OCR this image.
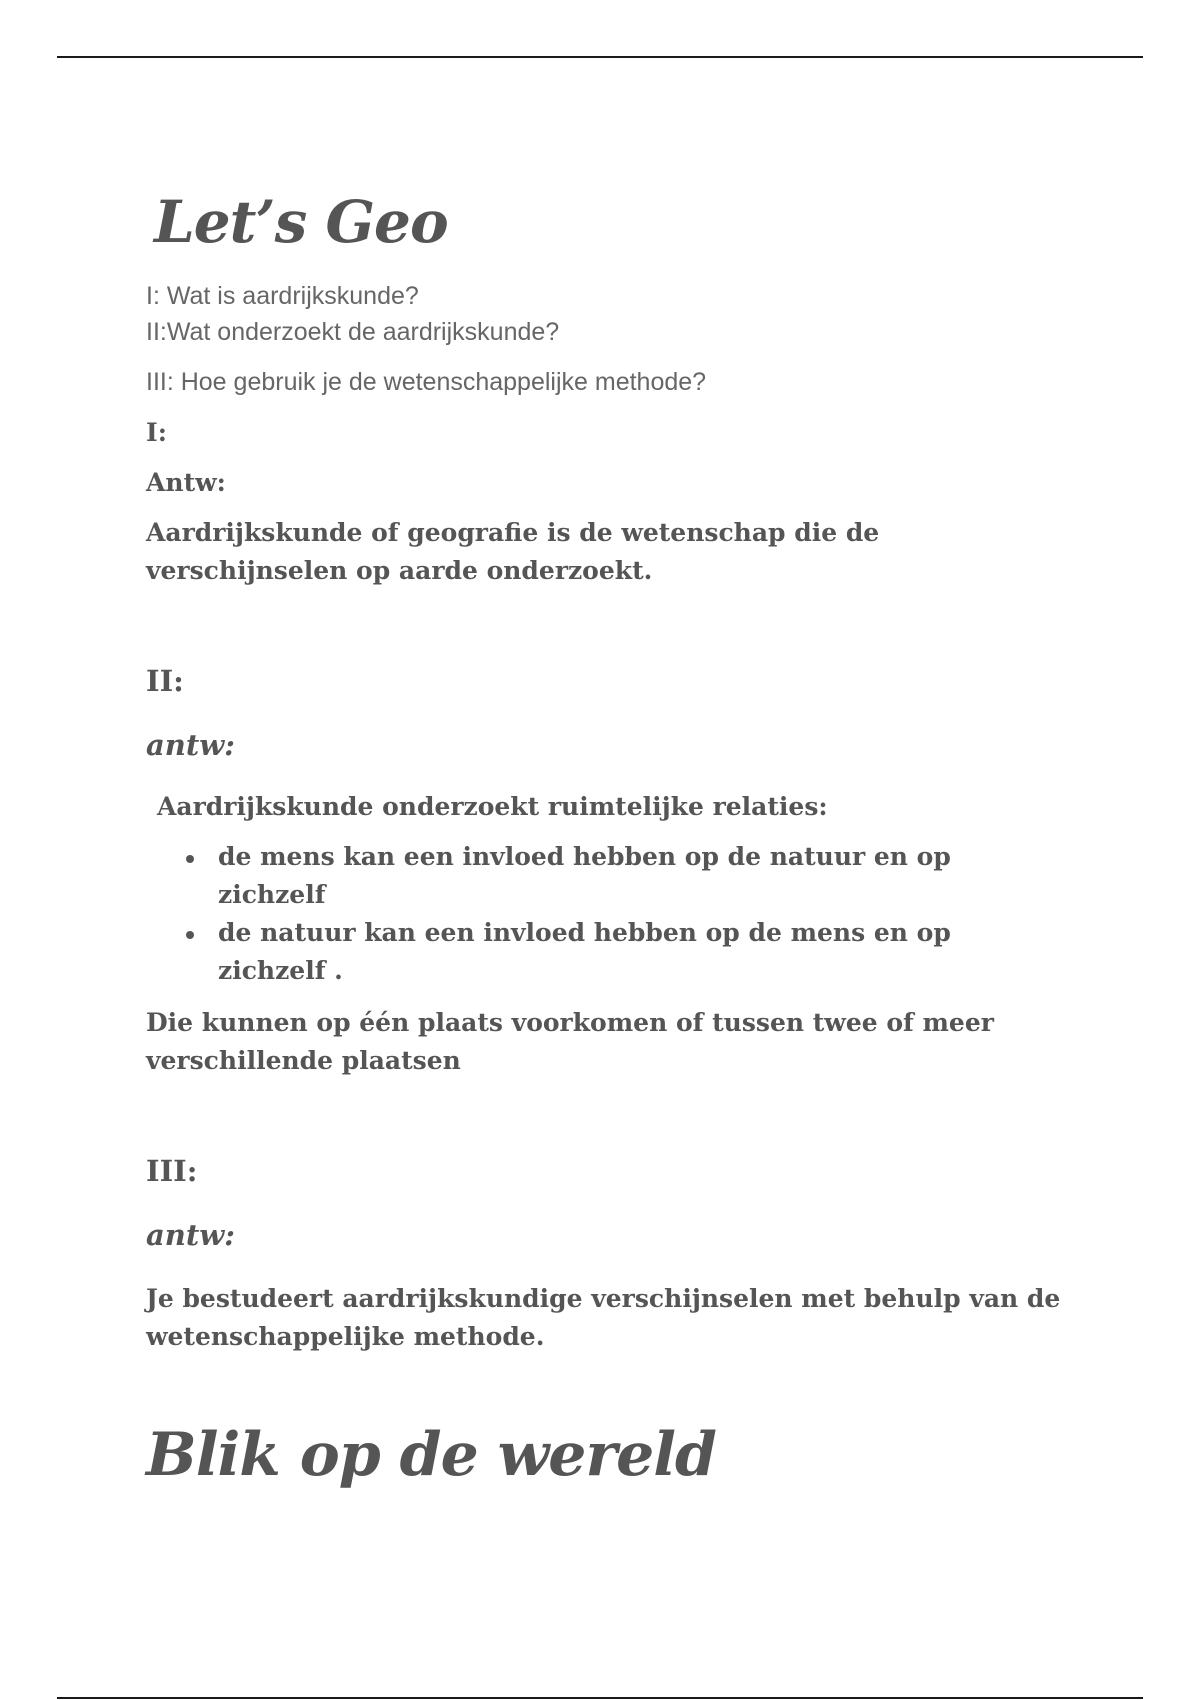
Let’s Geo
I: Wat is aardrijkskunde?
II:Wat onderzoekt de aardrijkskunde?
III: Hoe gebruik je de wetenschappelijke methode?
I:
Antw:
Aardrijkskunde of geografie is de wetenschap die de verschijnselen op aarde onderzoekt.
II:
antw:
Aardrijkskunde onderzoekt ruimtelijke relaties:
de mens kan een invloed hebben op de natuur en op zichzelf
de natuur kan een invloed hebben op de mens en op zichzelf .
Die kunnen op één plaats voorkomen of tussen twee of meer verschillende plaatsen
III:
antw:
Je bestudeert aardrijkskundige verschijnselen met behulp van de wetenschappelijke methode.
Blik op de wereld
